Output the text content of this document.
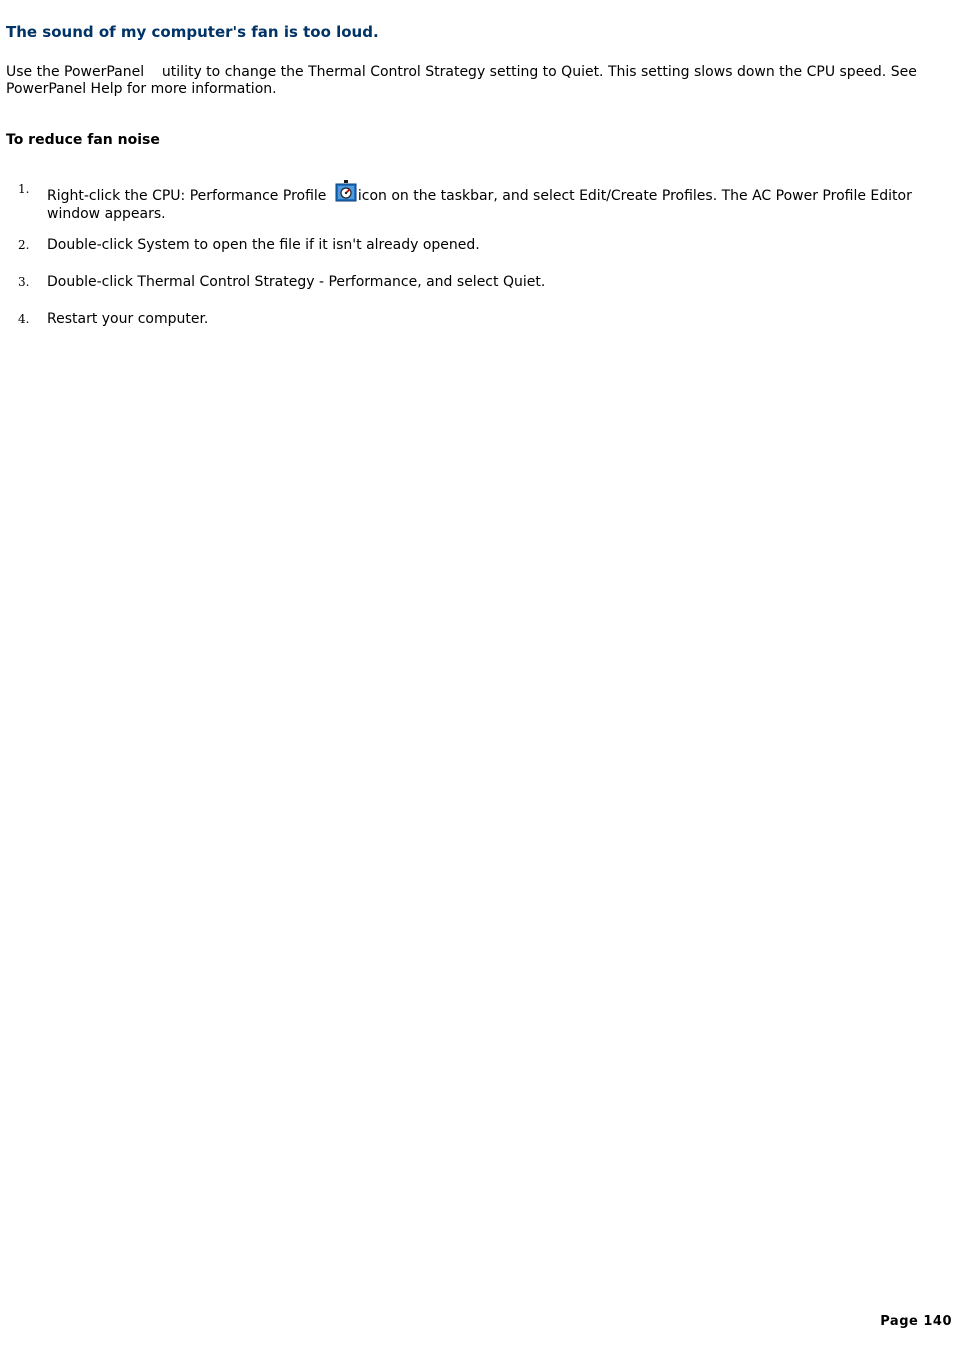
The sound of my computer's fan is too loud.

Use the PowerPanel    utility to change the Thermal Control Strategy setting to Quiet. This setting slows down the CPU speed. See PowerPanel Help for more information.

To reduce fan noise
1. Right-click the CPU: Performance Profile icon on the taskbar, and select Edit/Create Profiles. The AC Power Profile Editor window appears.
2. Double-click System to open the file if it isn't already opened.
3. Double-click Thermal Control Strategy - Performance, and select Quiet.
4. Restart your computer.

Page 140
